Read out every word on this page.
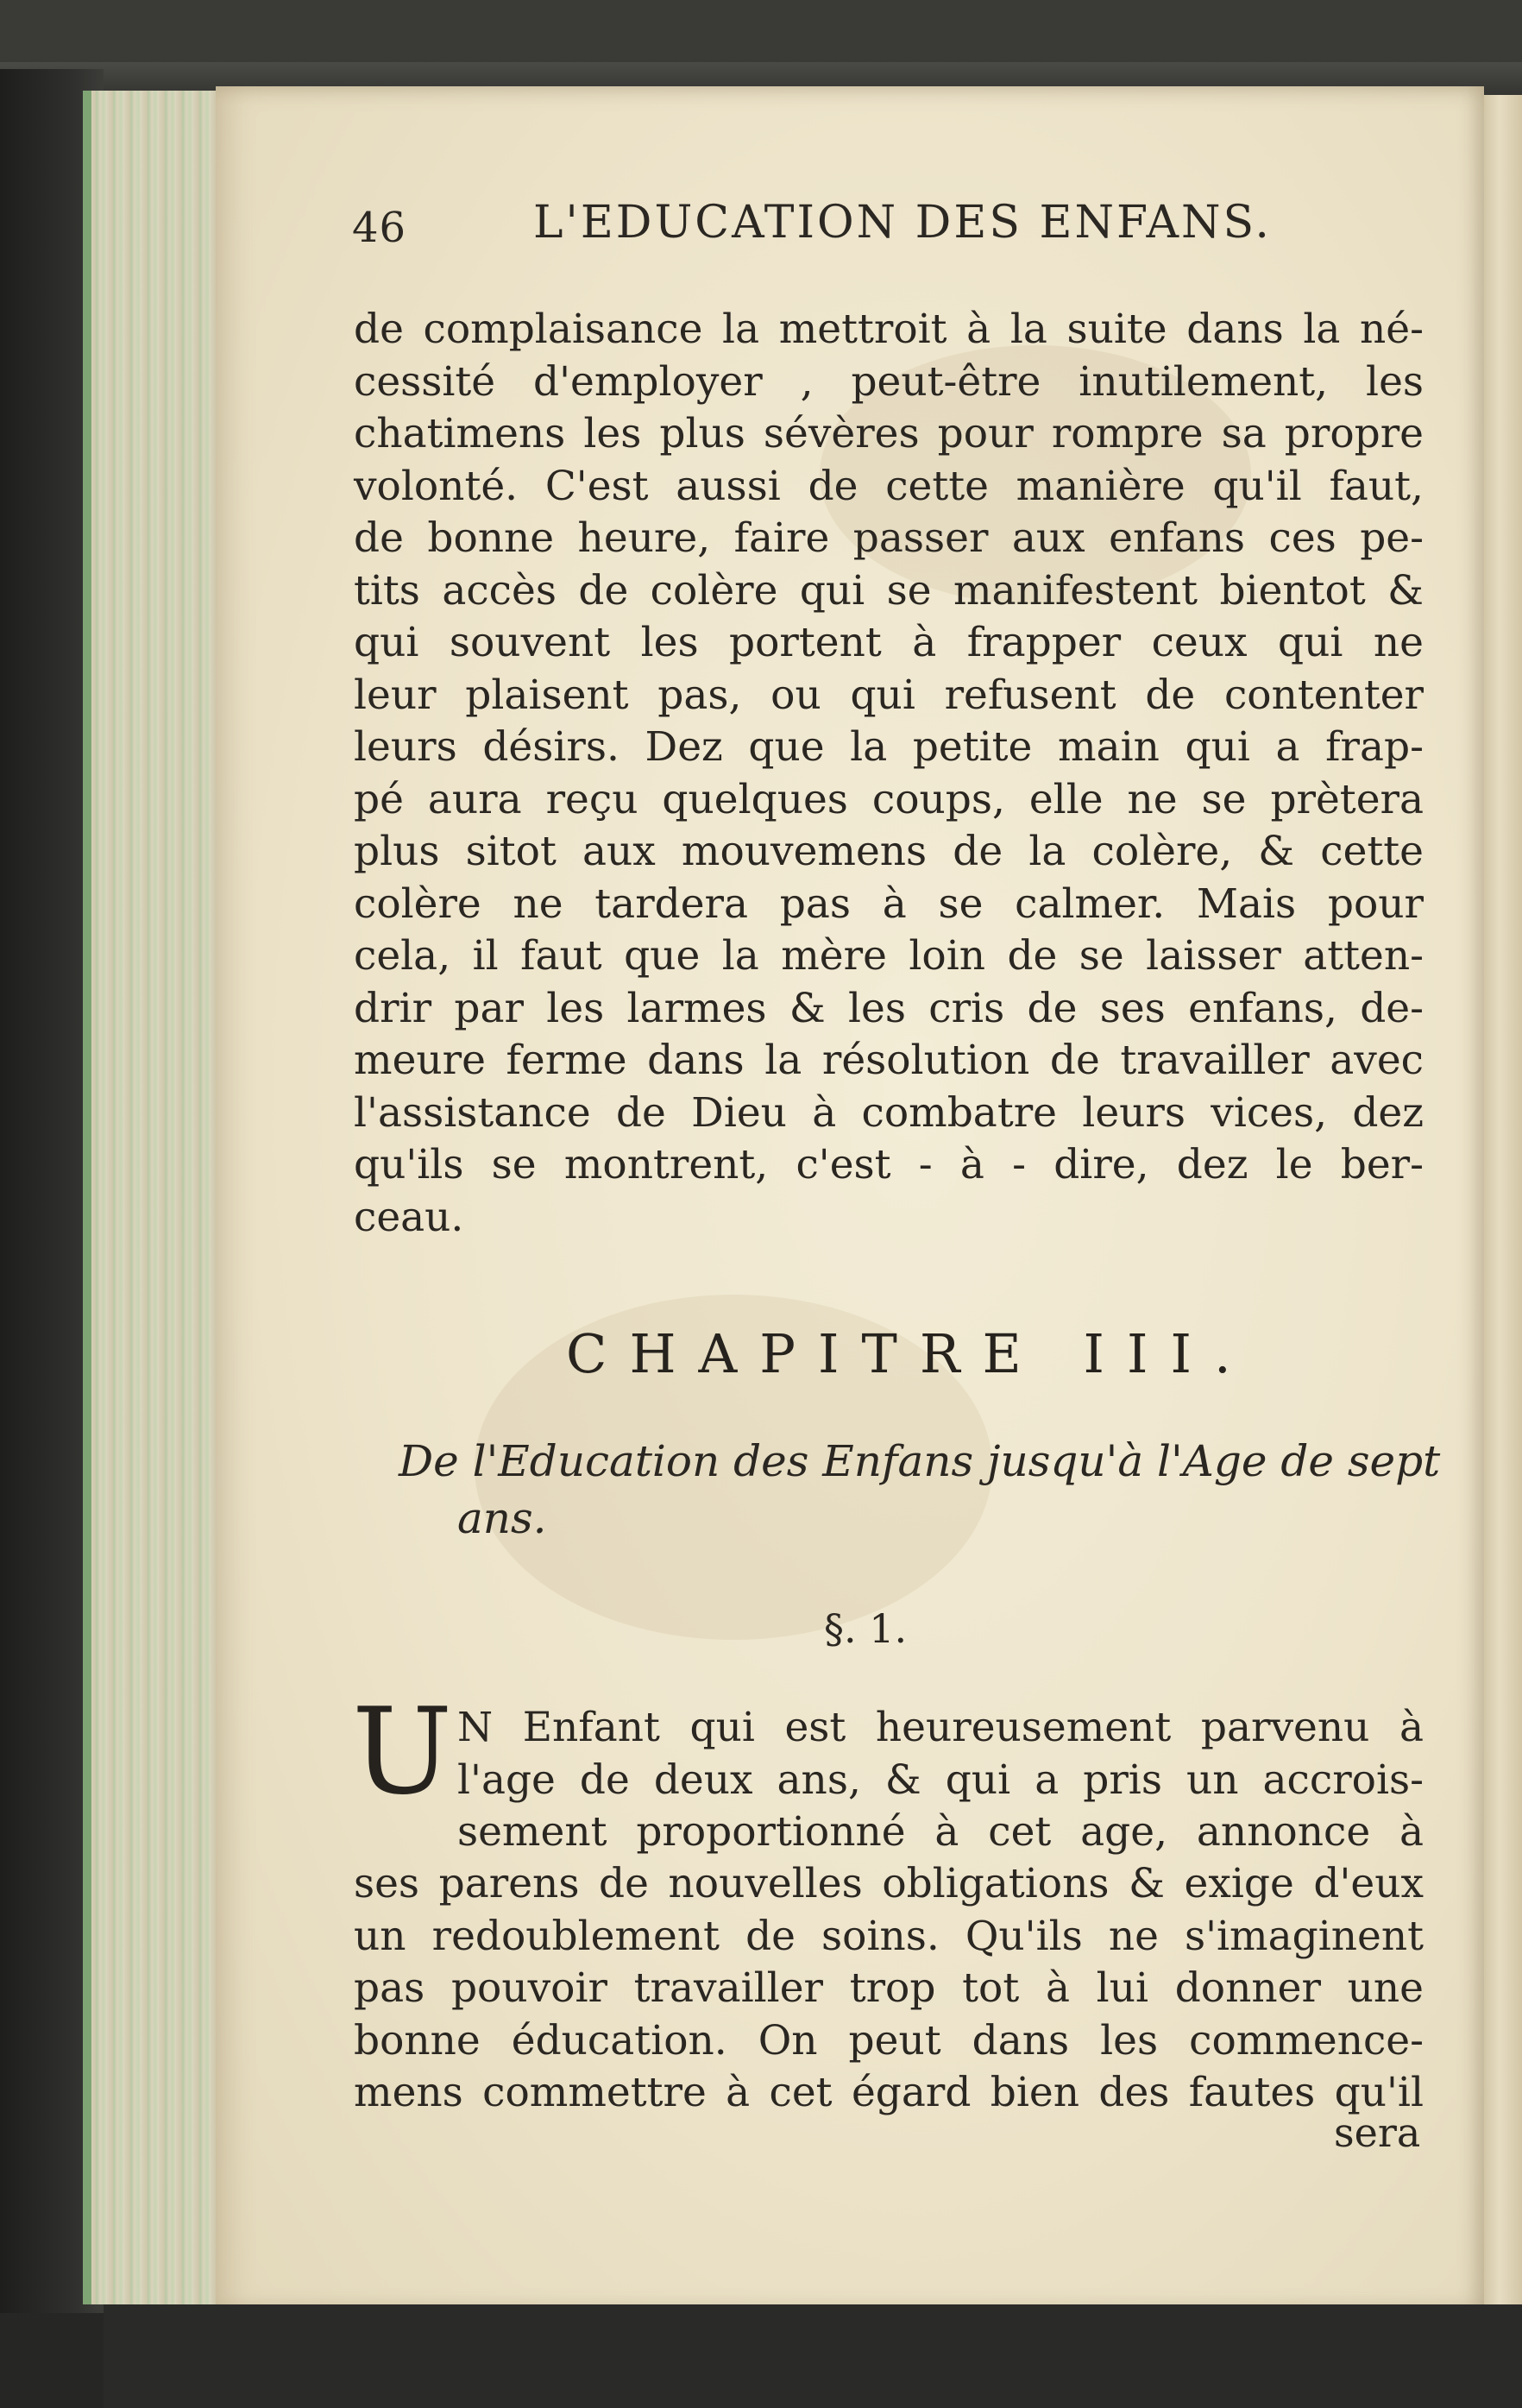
46	L'EDUCATION DES ENFANS.
de complaisance la mettroit à la suite dans la né-
cessité d'employer , peut-être inutilement, les
chatimens les plus sévères pour rompre sa propre
volonté. C'est aussi de cette manière qu'il faut,
de bonne heure, faire passer aux enfans ces pe-
tits accès de colère qui se manifestent bientot &
qui souvent les portent à frapper ceux qui ne
leur plaisent pas, ou qui refusent de contenter
leurs désirs. Dez que la petite main qui a frap-
pé aura reçu quelques coups, elle ne se prètera
plus sitot aux mouvemens de la colère, & cette
colère ne tardera pas à se calmer. Mais pour
cela, il faut que la mère loin de se laisser atten-
drir par les larmes & les cris de ses enfans, de-
meure ferme dans la résolution de travailler avec
l'assistance de Dieu à combatre leurs vices, dez
qu'ils se montrent, c'est - à - dire, dez le ber-
ceau.
CHAPITRE III.
De l'Education des Enfans jusqu'à l'Age de sept
ans.
§. 1.
U N Enfant qui est heureusement parvenu à
l'age de deux ans, & qui a pris un accrois-
sement proportionné à cet age, annonce à
ses parens de nouvelles obligations & exige d'eux
un redoublement de soins. Qu'ils ne s'imaginent
pas pouvoir travailler trop tot à lui donner une
bonne éducation. On peut dans les commence-
mens commettre à cet égard bien des fautes qu'il
sera
